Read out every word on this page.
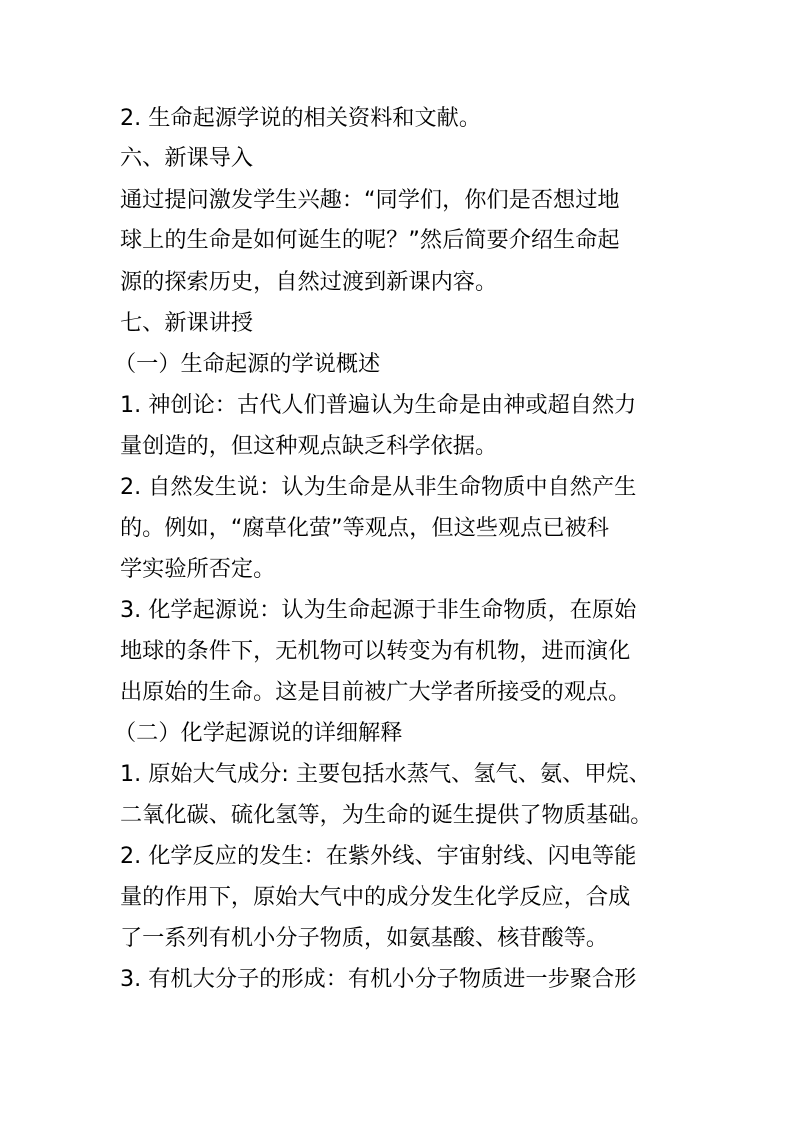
2. 生命起源学说的相关资料和文献。
六、新课导入
通过提问激发学生兴趣：“同学们，你们是否想过地
球上的生命是如何诞生的呢？”然后简要介绍生命起
源的探索历史，自然过渡到新课内容。
七、新课讲授
（一）生命起源的学说概述
1. 神创论：古代人们普遍认为生命是由神或超自然力
量创造的，但这种观点缺乏科学依据。
2. 自然发生说：认为生命是从非生命物质中自然产生
的。例如，“腐草化萤”等观点，但这些观点已被科
学实验所否定。
3. 化学起源说：认为生命起源于非生命物质，在原始
地球的条件下，无机物可以转变为有机物，进而演化
出原始的生命。这是目前被广大学者所接受的观点。
（二）化学起源说的详细解释
1. 原始大气成分: 主要包括水蒸气、氢气、氨、甲烷、
二氧化碳、硫化氢等，为生命的诞生提供了物质基础。
2. 化学反应的发生：在紫外线、宇宙射线、闪电等能
量的作用下，原始大气中的成分发生化学反应，合成
了一系列有机小分子物质，如氨基酸、核苷酸等。
3. 有机大分子的形成：有机小分子物质进一步聚合形
